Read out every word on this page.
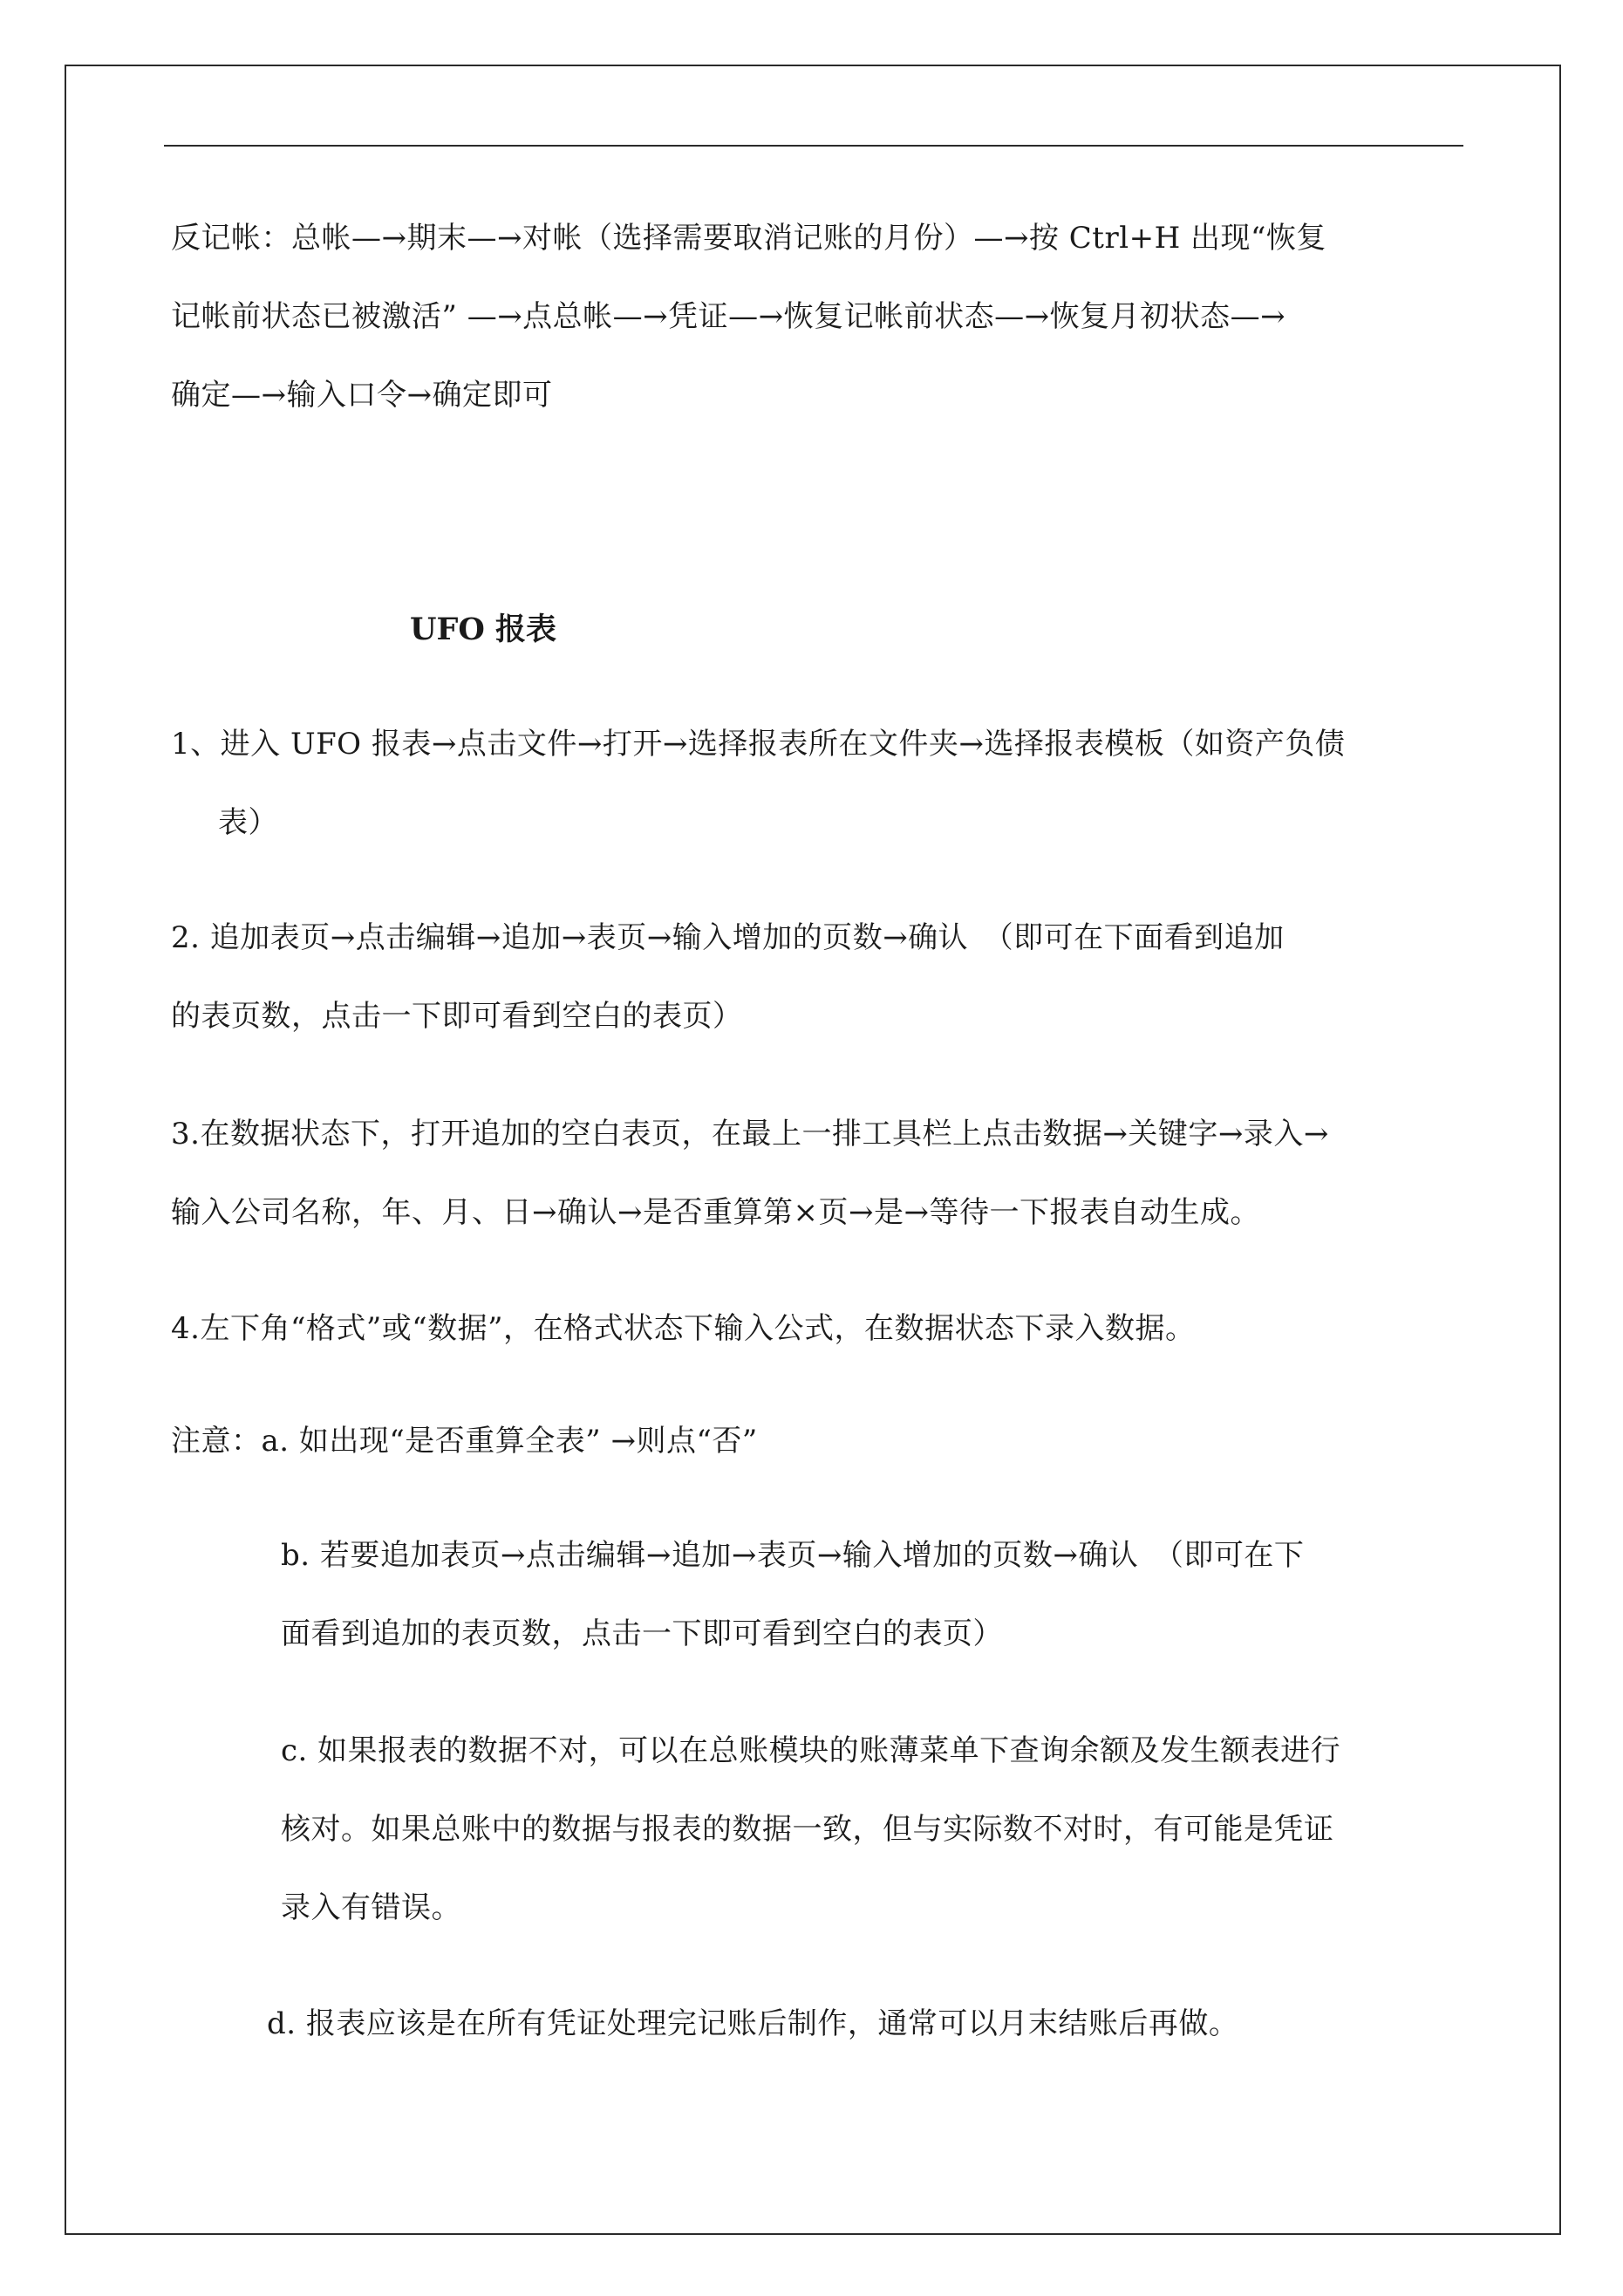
反记帐：总帐—→期末—→对帐（选择需要取消记账的月份）—→按 Ctrl+H 出现“恢复
记帐前状态已被激活” —→点总帐—→凭证—→恢复记帐前状态—→恢复月初状态—→
确定—→输入口令→确定即可
UFO 报表
1、进入 UFO 报表→点击文件→打开→选择报表所在文件夹→选择报表模板（如资产负债
表）
2. 追加表页→点击编辑→追加→表页→输入增加的页数→确认　（即可在下面看到追加
的表页数，点击一下即可看到空白的表页）
3.在数据状态下，打开追加的空白表页，在最上一排工具栏上点击数据→关键字→录入→
输入公司名称，年、月、日→确认→是否重算第×页→是→等待一下报表自动生成。
4.左下角“格式”或“数据”，在格式状态下输入公式，在数据状态下录入数据。
注意：a. 如出现“是否重算全表” →则点“否”
b. 若要追加表页→点击编辑→追加→表页→输入增加的页数→确认　（即可在下
面看到追加的表页数，点击一下即可看到空白的表页）
c. 如果报表的数据不对，可以在总账模块的账薄菜单下查询余额及发生额表进行
核对。如果总账中的数据与报表的数据一致，但与实际数不对时，有可能是凭证
录入有错误。
d. 报表应该是在所有凭证处理完记账后制作，通常可以月末结账后再做。
